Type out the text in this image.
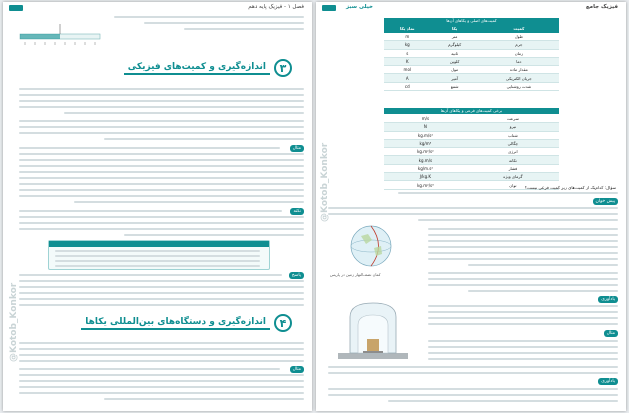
فصل ۱ - فیزیک پایه دهم
۳
اندازه‌گیری و کمیت‌های فیزیکی
مثال
نکته
پاسخ
۴
اندازه‌گیری و دستگاه‌های بین‌المللی یکاها
مثال
@Kotob_Konkor
فیزیک جامع
خیلی سبز
کمیت‌های اصلی و یکاهای آن‌ها
نماد یکا	یکا	کمیت
m	متر	طول
kg	کیلوگرم	جرم
s	ثانیه	زمان
K	کلوین	دما
mol	مول	مقدار ماده
A	آمپر	جریان الکتریکی
cd	شمع	شدت روشنایی
برخی کمیت‌های فرعی و یکاهای آن‌ها
m/s	سرعت
N	نیرو
kg.m/s²	شتاب
kg/m³	چگالی
kg.m²/s²	انرژی
kg.m/s	تکانه
kg/m.s²	فشار
J/kg.K	گرمای ویژه
kg.m²/s³	توان سؤال: کدام‌یک از کمیت‌های زیر کمیت فرعی نیست؟
پیش خوان
کمان نصف‌النهار زمین در پاریس
یادآوری
مثال
یادآوری
@Kotob_Konkor
